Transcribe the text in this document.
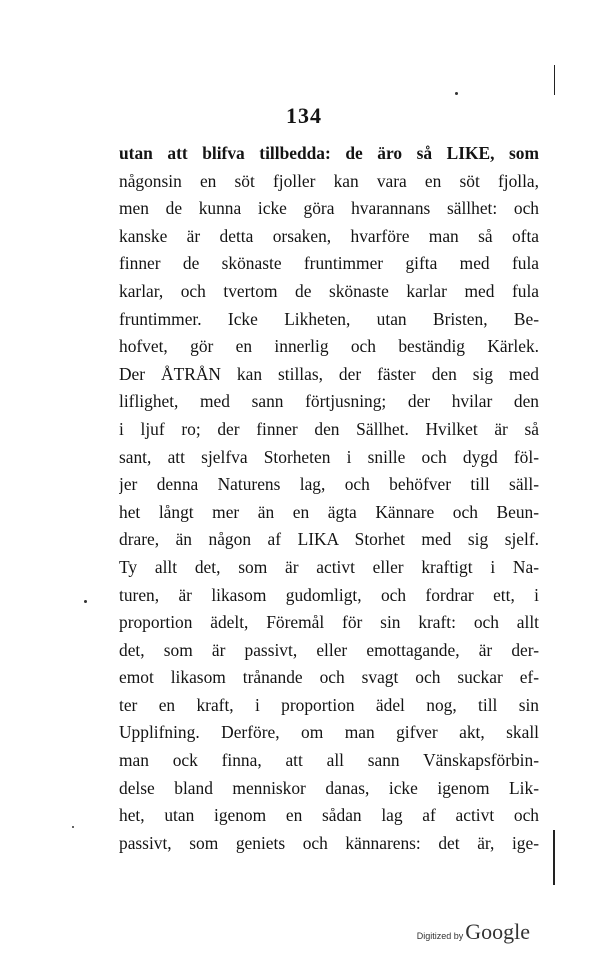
134
utan att blifva tillbedda: de äro så LIKE, som
någonsin en söt fjoller kan vara en söt fjolla,
men de kunna icke göra hvarannans sällhet: och
kanske är detta orsaken, hvarföre man så ofta
finner de skönaste fruntimmer gifta med fula
karlar, och tvertom de skönaste karlar med fula
fruntimmer. Icke Likheten, utan Bristen, Be-
hofvet, gör en innerlig och beständig Kärlek.
Der ÅTRÅN kan stillas, der fäster den sig med
liflighet, med sann förtjusning; der hvilar den
i ljuf ro; der finner den Sällhet. Hvilket är så
sant, att sjelfva Storheten i snille och dygd föl-
jer denna Naturens lag, och behöfver till säll-
het långt mer än en ägta Kännare och Beun-
drare, än någon af LIKA Storhet med sig sjelf.
Ty allt det, som är activt eller kraftigt i Na-
turen, är likasom gudomligt, och fordrar ett, i
proportion ädelt, Föremål för sin kraft: och allt
det, som är passivt, eller emottagande, är der-
emot likasom trånande och svagt och suckar ef-
ter en kraft, i proportion ädel nog, till sin
Upplifning. Derföre, om man gifver akt, skall
man ock finna, att all sann Vänskapsförbin-
delse bland menniskor danas, icke igenom Lik-
het, utan igenom en sådan lag af activt och
passivt, som geniets och kännarens: det är, ige-
Digitized by Google
